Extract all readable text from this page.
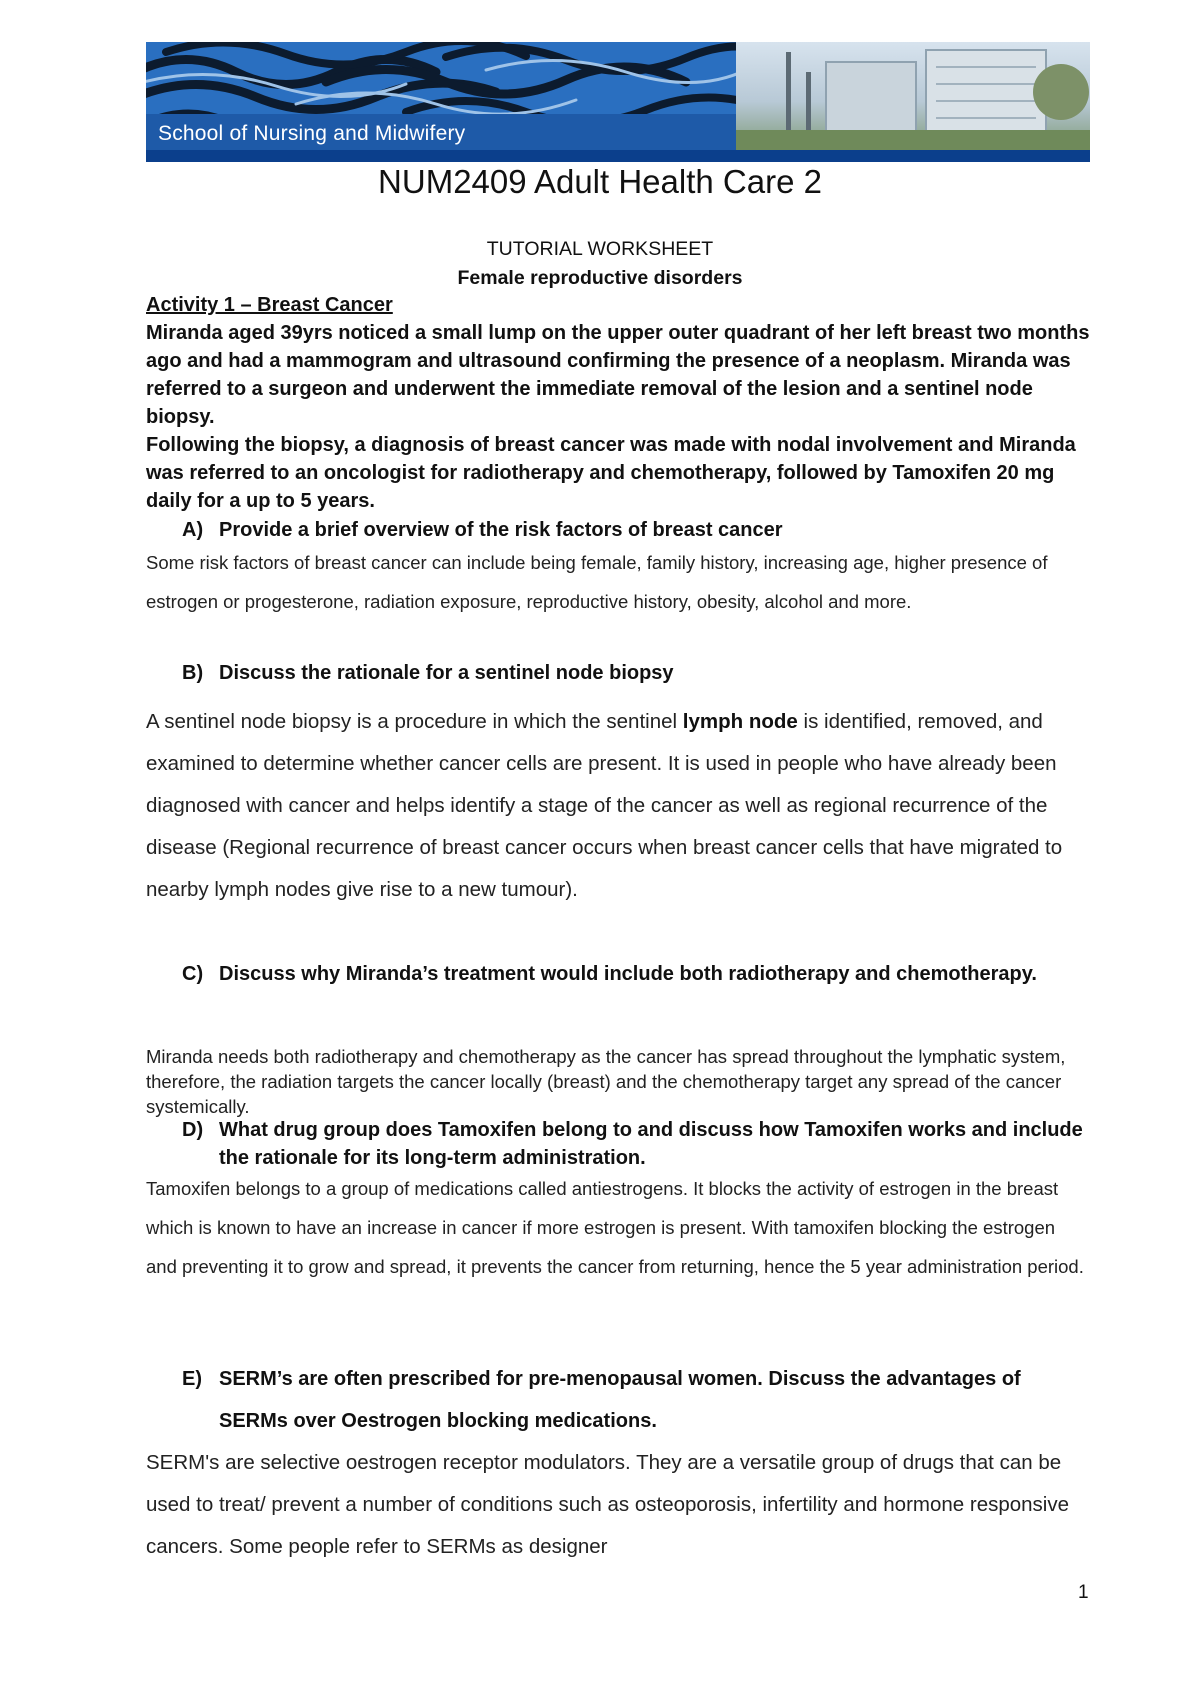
School of Nursing and Midwifery
NUM2409 Adult Health Care 2
TUTORIAL WORKSHEET
Female reproductive disorders

Activity 1 – Breast Cancer

Miranda aged 39yrs noticed a small lump on the upper outer quadrant of her left breast two months ago and had a mammogram and ultrasound confirming the presence of a neoplasm. Miranda was referred to a surgeon and underwent the immediate removal of the lesion and a sentinel node biopsy.

Following the biopsy, a diagnosis of breast cancer was made with nodal involvement and Miranda was referred to an oncologist for radiotherapy and chemotherapy, followed by Tamoxifen 20 mg daily for a up to 5 years.

A) Provide a brief overview of the risk factors of breast cancer

Some risk factors of breast cancer can include being female, family history, increasing age, higher presence of estrogen or progesterone, radiation exposure, reproductive history, obesity, alcohol and more.

B) Discuss the rationale for a sentinel node biopsy

A sentinel node biopsy is a procedure in which the sentinel lymph node is identified, removed, and examined to determine whether cancer cells are present. It is used in people who have already been diagnosed with cancer and helps identify a stage of the cancer as well as regional recurrence of the disease (Regional recurrence of breast cancer occurs when breast cancer cells that have migrated to nearby lymph nodes give rise to a new tumour).

C) Discuss why Miranda’s treatment would include both radiotherapy and chemotherapy.

Miranda needs both radiotherapy and chemotherapy as the cancer has spread throughout the lymphatic system, therefore, the radiation targets the cancer locally (breast) and the chemotherapy target any spread of the cancer systemically.

D) What drug group does Tamoxifen belong to and discuss how Tamoxifen works and include the rationale for its long-term administration.

Tamoxifen belongs to a group of medications called antiestrogens. It blocks the activity of estrogen in the breast which is known to have an increase in cancer if more estrogen is present. With tamoxifen blocking the estrogen and preventing it to grow and spread, it prevents the cancer from returning, hence the 5 year administration period.

E) SERM’s are often prescribed for pre-menopausal women. Discuss the advantages of SERMs over Oestrogen blocking medications.

SERM's are selective oestrogen receptor modulators. They are a versatile group of drugs that can be used to treat/ prevent a number of conditions such as osteoporosis, infertility and hormone responsive cancers. Some people refer to SERMs as designer

1
